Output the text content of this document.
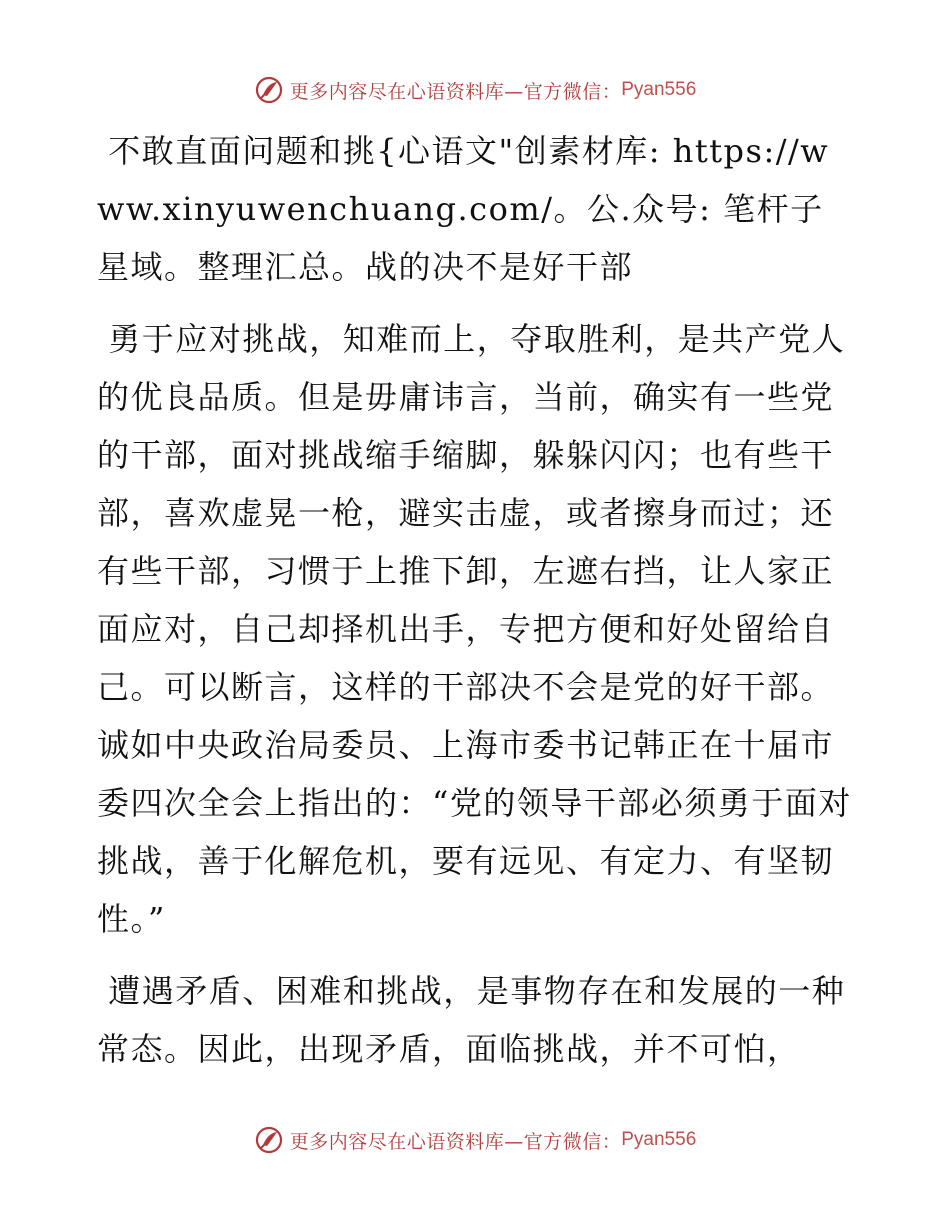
更多内容尽在心语资料库—官方微信： Pyan556

不敢直面问题和挑{心语文"创素材库: https://www.xinyuwenchuang.com/。公.众号: 笔杆子星域。整理汇总。战的决不是好干部

勇于应对挑战，知难而上，夺取胜利，是共产党人的优良品质。但是毋庸讳言，当前，确实有一些党的干部，面对挑战缩手缩脚，躲躲闪闪；也有些干部，喜欢虚晃一枪，避实击虚，或者擦身而过；还有些干部，习惯于上推下卸，左遮右挡，让人家正面应对，自己却择机出手，专把方便和好处留给自己。可以断言，这样的干部决不会是党的好干部。诚如中央政治局委员、上海市委书记韩正在十届市委四次全会上指出的：“党的领导干部必须勇于面对挑战，善于化解危机，要有远见、有定力、有坚韧性。”

遭遇矛盾、困难和挑战，是事物存在和发展的一种常态。因此，出现矛盾，面临挑战，并不可怕，

更多内容尽在心语资料库—官方微信： Pyan556
